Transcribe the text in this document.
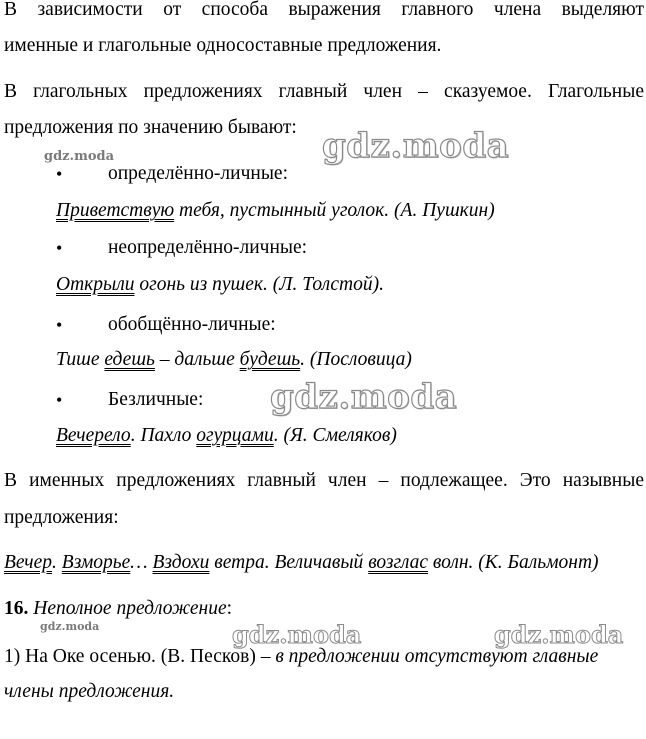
В зависимости от способа выражения главного члена выделяют
именные и глагольные односоставные предложения.
В глагольных предложениях главный член – сказуемое. Глагольные
предложения по значению бывают:
• определённо-личные:
Приветствую тебя, пустынный уголок. (А. Пушкин)
• неопределённо-личные:
Открыли огонь из пушек. (Л. Толстой).
• обобщённо-личные:
Тише едешь – дальше будешь. (Пословица)
• Безличные:
Вечерело. Пахло огурцами. (Я. Смеляков)
В именных предложениях главный член – подлежащее. Это назывные
предложения:
Вечер. Взморье… Вздохи ветра. Величавый возглас волн. (К. Бальмонт)
16. Неполное предложение:
1) На Оке осенью. (В. Песков) – в предложении отсутствуют главные
члены предложения.
gdz.moda
gdz.moda
gdz.moda	gdz.moda
gdz.moda
gdz.moda
